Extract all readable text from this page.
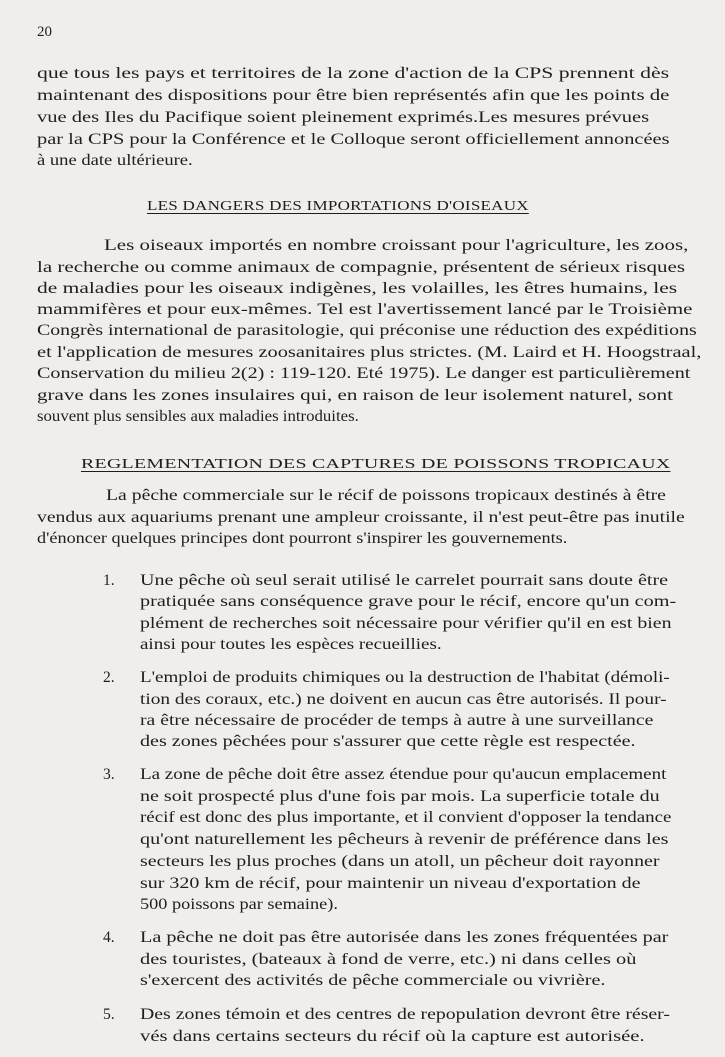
20
que tous les pays et territoires de la zone d'action de la CPS prennent dès
maintenant des dispositions pour être bien représentés afin que les points de
vue des Iles du Pacifique soient pleinement exprimés.Les mesures prévues
par la CPS pour la Conférence et le Colloque seront officiellement annoncées
à une date ultérieure.
LES DANGERS DES IMPORTATIONS D'OISEAUX
Les oiseaux importés en nombre croissant pour l'agriculture, les zoos,
la recherche ou comme animaux de compagnie, présentent de sérieux risques
de maladies pour les oiseaux indigènes, les volailles, les êtres humains, les
mammifères et pour eux-mêmes. Tel est l'avertissement lancé par le Troisième
Congrès international de parasitologie, qui préconise une réduction des expéditions
et l'application de mesures zoosanitaires plus strictes. (M. Laird et H. Hoogstraal,
Conservation du milieu 2(2) : 119-120. Eté 1975). Le danger est particulièrement
grave dans les zones insulaires qui, en raison de leur isolement naturel, sont
souvent plus sensibles aux maladies introduites.
REGLEMENTATION DES CAPTURES DE POISSONS TROPICAUX
La pêche commerciale sur le récif de poissons tropicaux destinés à être
vendus aux aquariums prenant une ampleur croissante, il n'est peut-être pas inutile
d'énoncer quelques principes dont pourront s'inspirer les gouvernements.
1. Une pêche où seul serait utilisé le carrelet pourrait sans doute être
pratiquée sans conséquence grave pour le récif, encore qu'un com-
plément de recherches soit nécessaire pour vérifier qu'il en est bien
ainsi pour toutes les espèces recueillies.
2. L'emploi de produits chimiques ou la destruction de l'habitat (démoli-
tion des coraux, etc.) ne doivent en aucun cas être autorisés. Il pour-
ra être nécessaire de procéder de temps à autre à une surveillance
des zones pêchées pour s'assurer que cette règle est respectée.
3. La zone de pêche doit être assez étendue pour qu'aucun emplacement
ne soit prospecté plus d'une fois par mois. La superficie totale du
récif est donc des plus importante, et il convient d'opposer la tendance
qu'ont naturellement les pêcheurs à revenir de préférence dans les
secteurs les plus proches (dans un atoll, un pêcheur doit rayonner
sur 320 km de récif, pour maintenir un niveau d'exportation de
500 poissons par semaine).
4. La pêche ne doit pas être autorisée dans les zones fréquentées par
des touristes, (bateaux à fond de verre, etc.) ni dans celles où
s'exercent des activités de pêche commerciale ou vivrière.
5. Des zones témoin et des centres de repopulation devront être réser-
vés dans certains secteurs du récif où la capture est autorisée.
